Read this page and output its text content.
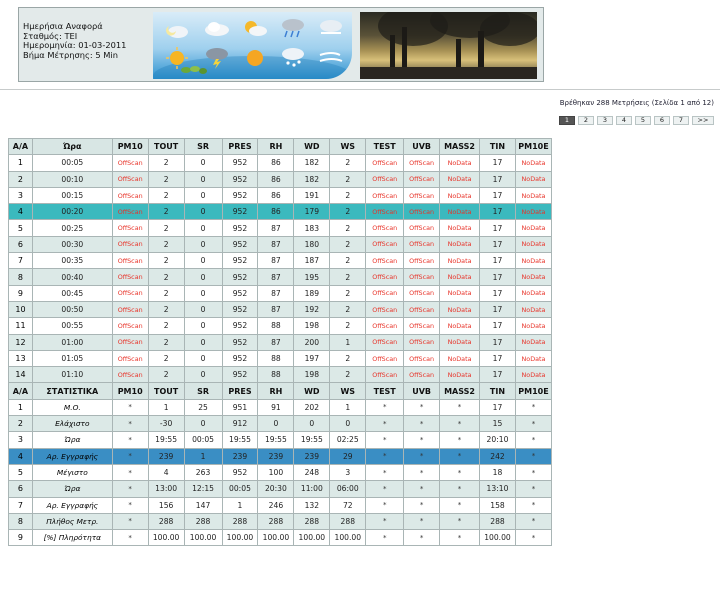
Ημερήσια Αναφορά
Σταθμός: TEI
Ημερομηνία: 01-03-2011
Βήμα Μέτρησης: 5 Min
Βρέθηκαν 288 Μετρήσεις (Σελίδα 1 από 12)
1	2	3	4	5	6	7	>>
Α/Α	Ώρα	PM10	TOUT	SR	PRES	RH	WD	WS	TEST	UVB	MASS2	TIN	PM10E
1	00:05	OffScan	2	0	952	86	182	2	OffScan	OffScan	NoData	17	NoData
2	00:10	OffScan	2	0	952	86	182	2	OffScan	OffScan	NoData	17	NoData
3	00:15	OffScan	2	0	952	86	191	2	OffScan	OffScan	NoData	17	NoData
4	00:20	OffScan	2	0	952	86	179	2	OffScan	OffScan	NoData	17	NoData
5	00:25	OffScan	2	0	952	87	183	2	OffScan	OffScan	NoData	17	NoData
6	00:30	OffScan	2	0	952	87	180	2	OffScan	OffScan	NoData	17	NoData
7	00:35	OffScan	2	0	952	87	187	2	OffScan	OffScan	NoData	17	NoData
8	00:40	OffScan	2	0	952	87	195	2	OffScan	OffScan	NoData	17	NoData
9	00:45	OffScan	2	0	952	87	189	2	OffScan	OffScan	NoData	17	NoData
10	00:50	OffScan	2	0	952	87	192	2	OffScan	OffScan	NoData	17	NoData
11	00:55	OffScan	2	0	952	88	198	2	OffScan	OffScan	NoData	17	NoData
12	01:00	OffScan	2	0	952	87	200	1	OffScan	OffScan	NoData	17	NoData
13	01:05	OffScan	2	0	952	88	197	2	OffScan	OffScan	NoData	17	NoData
14	01:10	OffScan	2	0	952	88	198	2	OffScan	OffScan	NoData	17	NoData
Α/Α	ΣΤΑΤΙΣΤΙΚΑ	PM10	TOUT	SR	PRES	RH	WD	WS	TEST	UVB	MASS2	TIN	PM10E
1	Μ.Ο.	*	1	25	951	91	202	1	*	*	*	17	*
2	Ελάχιστο	*	-30	0	912	0	0	0	*	*	*	15	*
3	Ώρα	*	19:55	00:05	19:55	19:55	19:55	02:25	*	*	*	20:10	*
4	Αρ. Εγγραφής	*	239	1	239	239	239	29	*	*	*	242	*
5	Μέγιστο	*	4	263	952	100	248	3	*	*	*	18	*
6	Ώρα	*	13:00	12:15	00:05	20:30	11:00	06:00	*	*	*	13:10	*
7	Αρ. Εγγραφής	*	156	147	1	246	132	72	*	*	*	158	*
8	Πλήθος Μετρ.	*	288	288	288	288	288	288	*	*	*	288	*
9	[%] Πληρότητα	*	100.00	100.00	100.00	100.00	100.00	100.00	*	*	*	100.00	*
